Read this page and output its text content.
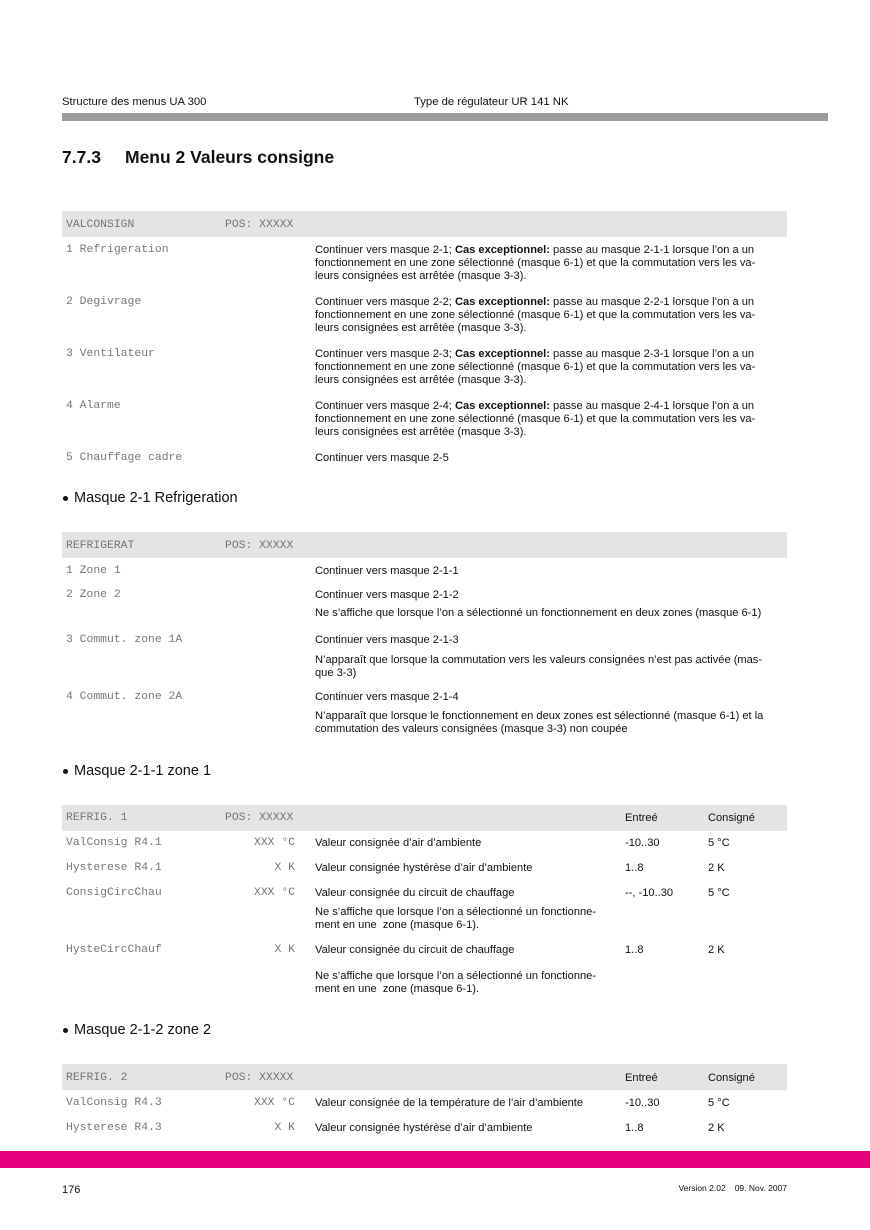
Structure des menus UA 300	Type de régulateur UR 141 NK
7.7.3 Menu 2 Valeurs consigne
VALCONSIGN	POS: XXXXX
1 Refrigeration	Continuer vers masque 2-1; Cas exceptionnel: passe au masque 2-1-1 lorsque l’on a un
fonctionnement en une zone sélectionné (masque 6-1) et que la commutation vers les va-
leurs consignées est arrêtée (masque 3-3).
2 Degivrage	Continuer vers masque 2-2; Cas exceptionnel: passe au masque 2-2-1 lorsque l’on a un
fonctionnement en une zone sélectionné (masque 6-1) et que la commutation vers les va-
leurs consignées est arrêtée (masque 3-3).
3 Ventilateur	Continuer vers masque 2-3; Cas exceptionnel: passe au masque 2-3-1 lorsque l’on a un
fonctionnement en une zone sélectionné (masque 6-1) et que la commutation vers les va-
leurs consignées est arrêtée (masque 3-3).
4 Alarme	Continuer vers masque 2-4; Cas exceptionnel: passe au masque 2-4-1 lorsque l’on a un
fonctionnement en une zone sélectionné (masque 6-1) et que la commutation vers les va-
leurs consignées est arrêtée (masque 3-3).
5 Chauffage cadre	Continuer vers masque 2-5
Masque 2-1 Refrigeration
REFRIGERAT	POS: XXXXX
1 Zone 1	Continuer vers masque 2-1-1
2 Zone 2	Continuer vers masque 2-1-2
Ne s’affiche que lorsque l’on a sélectionné un fonctionnement en deux zones (masque 6-1)
3 Commut. zone 1A	Continuer vers masque 2-1-3
N’apparaît que lorsque la commutation vers les valeurs consignées n’est pas activée (mas-
que 3-3)
4 Commut. zone 2A	Continuer vers masque 2-1-4
N’apparaît que lorsque le fonctionnement en deux zones est sélectionné (masque 6-1) et la
commutation des valeurs consignées (masque 3-3) non coupée
Masque 2-1-1 zone 1
REFRIG. 1	POS: XXXXX	Entreé	Consigné
ValConsig R4.1	XXX °C Valeur consignée d’air d’ambiente	-10..30	5 °C
Hysterese R4.1	X K Valeur consignée hystérèse d’air d’ambiente	1..8	2 K
ConsigCircChau	XXX °C Valeur consignée du circuit de chauffage	--, -10..30	5 °C
Ne s’affiche que lorsque l’on a sélectionné un fonctionne-
ment en une  zone (masque 6-1).
HysteCircChauf	X K Valeur consignée du circuit de chauffage	1..8	2 K
Ne s’affiche que lorsque l’on a sélectionné un fonctionne-
ment en une  zone (masque 6-1).
Masque 2-1-2 zone 2
REFRIG. 2	POS: XXXXX	Entreé	Consigné
ValConsig R4.3	XXX °C Valeur consignée de la température de l’air d’ambiente	-10..30	5 °C
Hysterese R4.3	X K Valeur consignée hystérèse d’air d’ambiente	1..8	2 K
176	Version 2.02 09. Nov. 2007
